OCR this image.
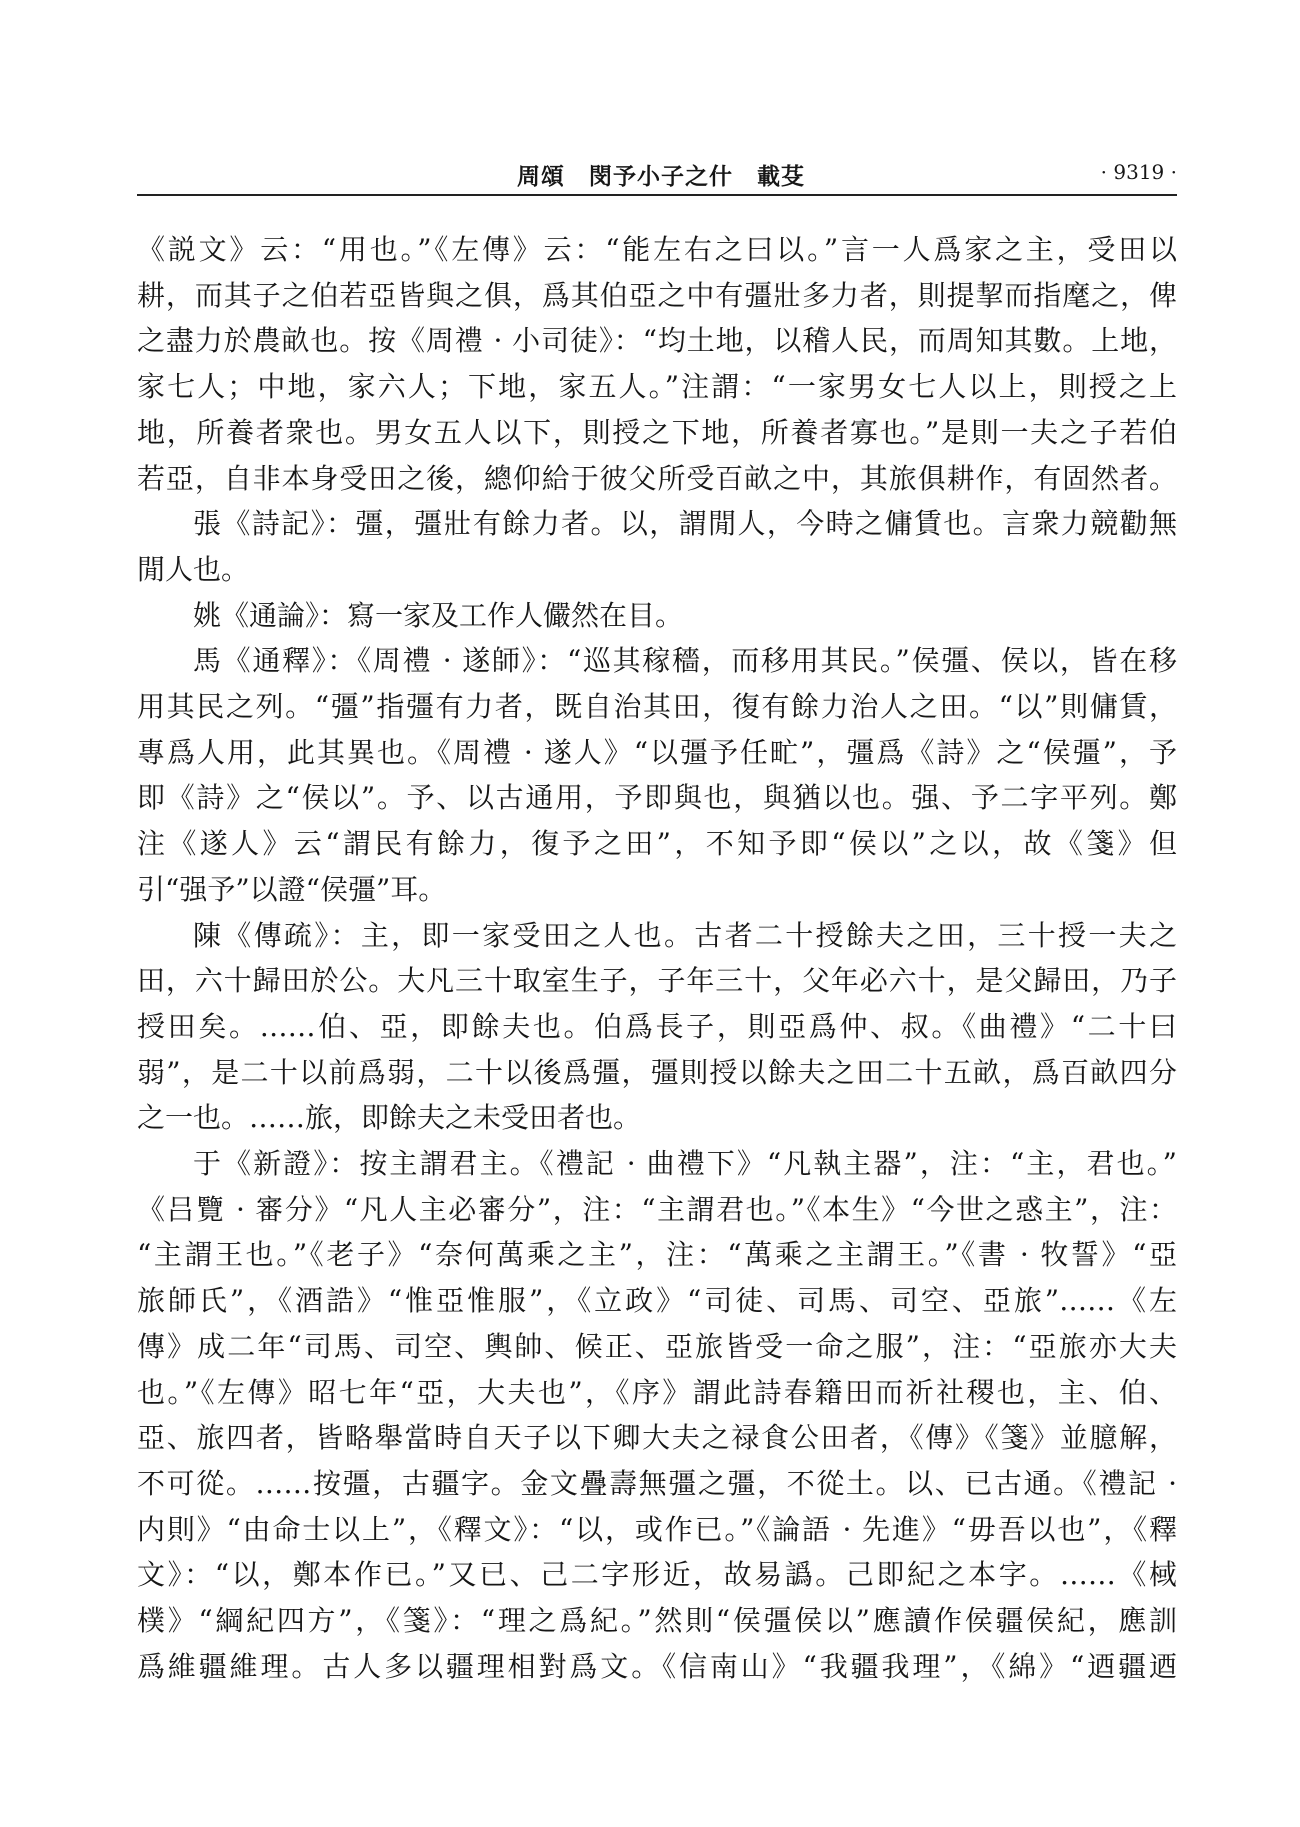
周頌　閔予小子之什　載芟	· 9319 ·

《説文》云：“用也。”《左傳》云：“能左右之曰以。”言一人爲家之主，受田以

耕，而其子之伯若亞皆與之俱，爲其伯亞之中有彊壯多力者，則提挈而指麾之，俾

之盡力於農畝也。按《周禮 · 小司徒》：“均土地，以稽人民，而周知其數。上地，

家七人；中地，家六人；下地，家五人。”注謂：“一家男女七人以上，則授之上

地，所養者衆也。男女五人以下，則授之下地，所養者寡也。”是則一夫之子若伯

若亞，自非本身受田之後，總仰給于彼父所受百畝之中，其旅俱耕作，有固然者。

張《詩記》：彊，彊壯有餘力者。以，謂閒人，今時之傭賃也。言衆力競勸無

閒人也。

姚《通論》：寫一家及工作人儼然在目。

馬《通釋》：《周禮 · 遂師》：“巡其稼穡，而移用其民。”侯彊、侯以，皆在移

用其民之列。“彊”指彊有力者，既自治其田，復有餘力治人之田。“以”則傭賃，

專爲人用，此其異也。《周禮 · 遂人》“以彊予任甿”，彊爲《詩》之“侯彊”，予

即《詩》之“侯以”。予、以古通用，予即與也，與猶以也。强、予二字平列。鄭

注《遂人》云“謂民有餘力，復予之田”，不知予即“侯以”之以，故《箋》但

引“强予”以證“侯彊”耳。

陳《傳疏》：主，即一家受田之人也。古者二十授餘夫之田，三十授一夫之

田，六十歸田於公。大凡三十取室生子，子年三十，父年必六十，是父歸田，乃子

授田矣。……伯、亞，即餘夫也。伯爲長子，則亞爲仲、叔。《曲禮》“二十曰

弱”，是二十以前爲弱，二十以後爲彊，彊則授以餘夫之田二十五畝，爲百畝四分

之一也。……旅，即餘夫之未受田者也。

于《新證》：按主謂君主。《禮記 · 曲禮下》“凡執主器”，注：“主，君也。”

《吕覽 · 審分》“凡人主必審分”，注：“主謂君也。”《本生》“今世之惑主”，注：

“主謂王也。”《老子》“奈何萬乘之主”，注：“萬乘之主謂王。”《書 · 牧誓》“亞

旅師氏”，《酒誥》“惟亞惟服”，《立政》“司徒、司馬、司空、亞旅”……《左

傳》成二年“司馬、司空、輿帥、候正、亞旅皆受一命之服”，注：“亞旅亦大夫

也。”《左傳》昭七年“亞，大夫也”，《序》謂此詩春籍田而祈社稷也，主、伯、

亞、旅四者，皆略舉當時自天子以下卿大夫之禄食公田者，《傳》《箋》並臆解，

不可從。……按彊，古疆字。金文疊壽無彊之彊，不從土。以、已古通。《禮記 ·

内則》“由命士以上”，《釋文》：“以，或作已。”《論語 · 先進》“毋吾以也”，《釋

文》：“以，鄭本作已。”又已、己二字形近，故易譌。己即紀之本字。……《棫

樸》“綱紀四方”，《箋》：“理之爲紀。”然則“侯彊侯以”應讀作侯疆侯紀，應訓

爲維疆維理。古人多以疆理相對爲文。《信南山》“我疆我理”，《綿》“迺疆迺
